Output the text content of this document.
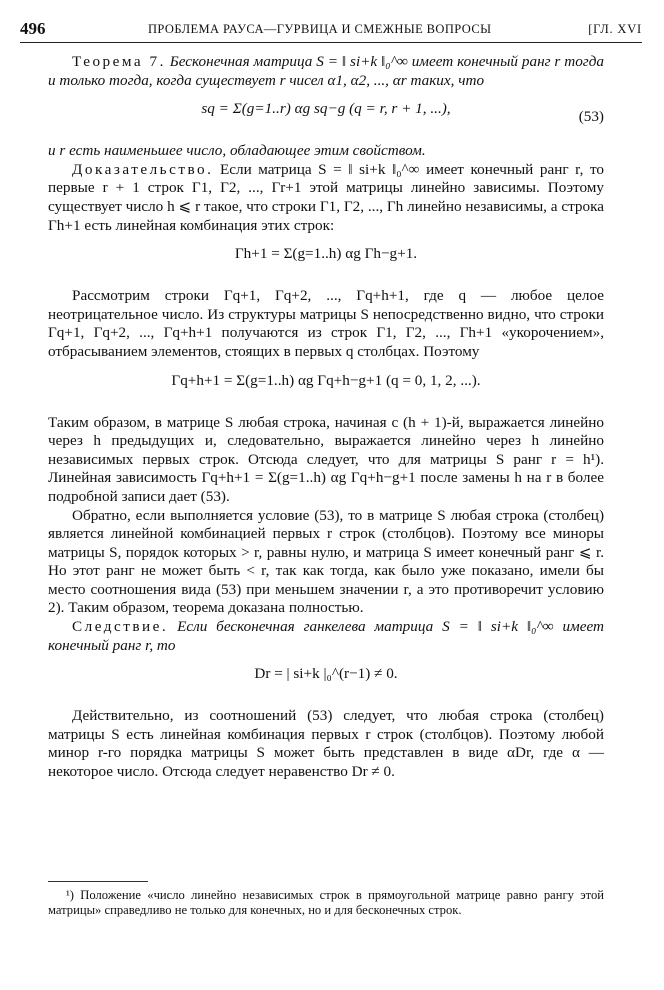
496	ПРОБЛЕМА РАУСА—ГУРВИЦА И СМЕЖНЫЕ ВОПРОСЫ	[ГЛ. XVI

Теорема 7. Бесконечная матрица S = ‖ si+k ‖₀^∞ имеет конечный ранг r тогда и только тогда, когда существует r чисел α1, α2, ..., αr таких, что

sq = Σ(g=1..r) αg sq−g (q = r, r + 1, ...),	(53)

и r есть наименьшее число, обладающее этим свойством.

Доказательство. Если матрица S = ‖ si+k ‖₀^∞ имеет конечный ранг r, то первые r + 1 строк Γ1, Γ2, ..., Γr+1 этой матрицы линейно зависимы. Поэтому существует число h ⩽ r такое, что строки Γ1, Γ2, ..., Γh линейно независимы, а строка Γh+1 есть линейная комбинация этих строк:

Γh+1 = Σ(g=1..h) αg Γh−g+1.

Рассмотрим строки Γq+1, Γq+2, ..., Γq+h+1, где q — любое целое неотрицательное число. Из структуры матрицы S непосредственно видно, что строки Γq+1, Γq+2, ..., Γq+h+1 получаются из строк Γ1, Γ2, ..., Γh+1 «укорочением», отбрасыванием элементов, стоящих в первых q столбцах. Поэтому

Γq+h+1 = Σ(g=1..h) αg Γq+h−g+1 (q = 0, 1, 2, ...).

Таким образом, в матрице S любая строка, начиная с (h + 1)-й, выражается линейно через h предыдущих и, следовательно, выражается линейно через h линейно независимых первых строк. Отсюда следует, что для матрицы S ранг r = h¹). Линейная зависимость Γq+h+1 = Σ(g=1..h) αg Γq+h−g+1 после замены h на r в более подробной записи дает (53).

Обратно, если выполняется условие (53), то в матрице S любая строка (столбец) является линейной комбинацией первых r строк (столбцов). Поэтому все миноры матрицы S, порядок которых > r, равны нулю, и матрица S имеет конечный ранг ⩽ r. Но этот ранг не может быть < r, так как тогда, как было уже показано, имели бы место соотношения вида (53) при меньшем значении r, а это противоречит условию 2). Таким образом, теорема доказана полностью.

Следствие. Если бесконечная ганкелева матрица S = ‖ si+k ‖₀^∞ имеет конечный ранг r, то

Dr = | si+k |₀^(r−1) ≠ 0.

Действительно, из соотношений (53) следует, что любая строка (столбец) матрицы S есть линейная комбинация первых r строк (столбцов). Поэтому любой минор r-го порядка матрицы S может быть представлен в виде αDr, где α — некоторое число. Отсюда следует неравенство Dr ≠ 0.

¹) Положение «число линейно независимых строк в прямоугольной матрице равно рангу этой матрицы» справедливо не только для конечных, но и для бесконечных строк.
